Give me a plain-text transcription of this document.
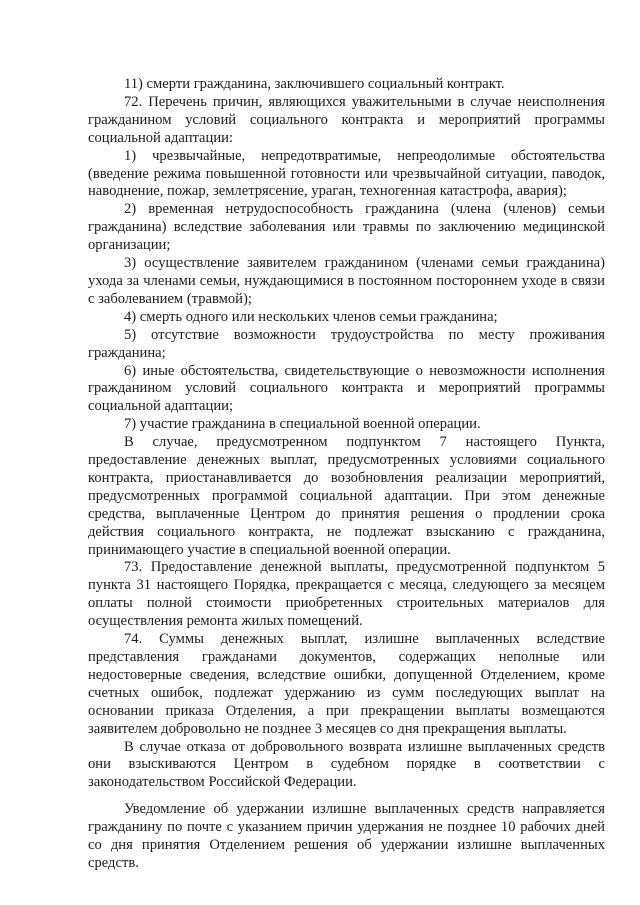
11) смерти гражданина, заключившего социальный контракт.

72. Перечень причин, являющихся уважительными в случае неисполнения гражданином условий социального контракта и мероприятий программы социальной адаптации:

1) чрезвычайные, непредотвратимые, непреодолимые обстоятельства (введение режима повышенной готовности или чрезвычайной ситуации, паводок, наводнение, пожар, землетрясение, ураган, техногенная катастрофа, авария);

2) временная нетрудоспособность гражданина (члена (членов) семьи гражданина) вследствие заболевания или травмы по заключению медицинской организации;

3) осуществление заявителем гражданином (членами семьи гражданина) ухода за членами семьи, нуждающимися в постоянном постороннем уходе в связи с заболеванием (травмой);

4) смерть одного или нескольких членов семьи гражданина;

5) отсутствие возможности трудоустройства по месту проживания гражданина;

6) иные обстоятельства, свидетельствующие о невозможности исполнения гражданином условий социального контракта и мероприятий программы социальной адаптации;

7) участие гражданина в специальной военной операции.

В случае, предусмотренном подпунктом 7 настоящего Пункта, предоставление денежных выплат, предусмотренных условиями социального контракта, приостанавливается до возобновления реализации мероприятий, предусмотренных программой социальной адаптации. При этом денежные средства, выплаченные Центром до принятия решения о продлении срока действия социального контракта, не подлежат взысканию с гражданина, принимающего участие в специальной военной операции.

73. Предоставление денежной выплаты, предусмотренной подпунктом 5 пункта 31 настоящего Порядка, прекращается с месяца, следующего за месяцем оплаты полной стоимости приобретенных строительных материалов для осуществления ремонта жилых помещений.

74. Суммы денежных выплат, излишне выплаченных вследствие представления гражданами документов, содержащих неполные или недостоверные сведения, вследствие ошибки, допущенной Отделением, кроме счетных ошибок, подлежат удержанию из сумм последующих выплат на основании приказа Отделения, а при прекращении выплаты возмещаются заявителем добровольно не позднее 3 месяцев со дня прекращения выплаты.

В случае отказа от добровольного возврата излишне выплаченных средств они взыскиваются Центром в судебном порядке в соответствии с законодательством Российской Федерации.

Уведомление об удержании излишне выплаченных средств направляется гражданину по почте с указанием причин удержания не позднее 10 рабочих дней со дня принятия Отделением решения об удержании излишне выплаченных средств.
